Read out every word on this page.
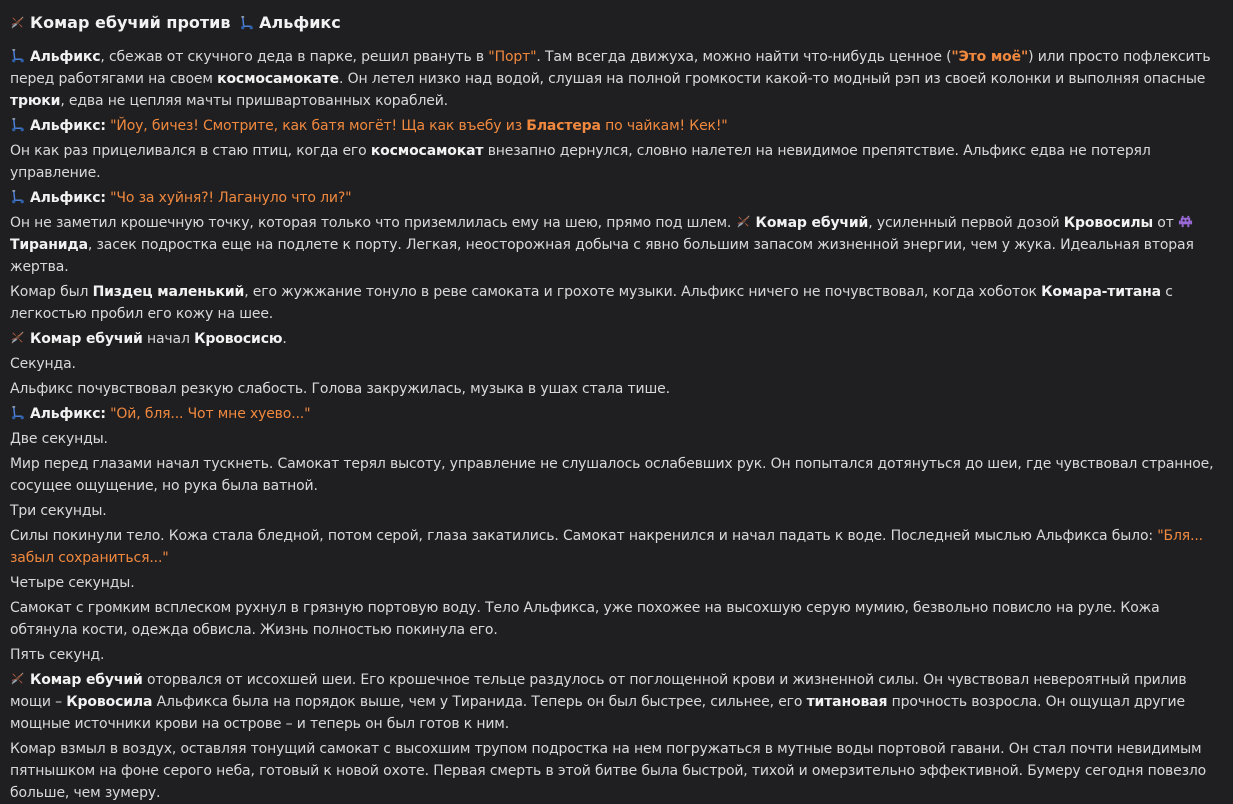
Комар ебучий против Альфикс
Альфикс, сбежав от скучного деда в парке, решил рвануть в "Порт". Там всегда движуха, можно найти что-нибудь ценное ("Это моё") или просто пофлексить перед работягами на своем космосамокате. Он летел низко над водой, слушая на полной громкости какой-то модный рэп из своей колонки и выполняя опасные трюки, едва не цепляя мачты пришвартованных кораблей.
Альфикс: "Йоу, бичез! Смотрите, как батя могёт! Ща как въебу из Бластера по чайкам! Кек!"
Он как раз прицеливался в стаю птиц, когда его космосамокат внезапно дернулся, словно налетел на невидимое препятствие. Альфикс едва не потерял управление.
Альфикс: "Чо за хуйня?! Лагануло что ли?"
Он не заметил крошечную точку, которая только что приземлилась ему на шею, прямо под шлем.
Комар ебучий, усиленный первой дозой Кровосилы от
Тиранида, засек подростка еще на подлете к порту. Легкая, неосторожная добыча с явно большим запасом жизненной энергии, чем у жука. Идеальная вторая жертва.
Комар был Пиздец маленький, его жужжание тонуло в реве самоката и грохоте музыки. Альфикс ничего не почувствовал, когда хоботок Комара-титана с легкостью пробил его кожу на шее.
Комар ебучий начал Кровосисю.
Секунда.
Альфикс почувствовал резкую слабость. Голова закружилась, музыка в ушах стала тише.
Альфикс: "Ой, бля... Чот мне хуево..."
Две секунды.
Мир перед глазами начал тускнеть. Самокат терял высоту, управление не слушалось ослабевших рук. Он попытался дотянуться до шеи, где чувствовал странное, сосущее ощущение, но рука была ватной.
Три секунды.
Силы покинули тело. Кожа стала бледной, потом серой, глаза закатились. Самокат накренился и начал падать к воде. Последней мыслью Альфикса было: "Бля... забыл сохраниться..."
Четыре секунды.
Самокат с громким всплеском рухнул в грязную портовую воду. Тело Альфикса, уже похожее на высохшую серую мумию, безвольно повисло на руле. Кожа обтянула кости, одежда обвисла. Жизнь полностью покинула его.
Пять секунд.
Комар ебучий оторвался от иссохшей шеи. Его крошечное тельце раздулось от поглощенной крови и жизненной силы. Он чувствовал невероятный прилив мощи – Кровосила Альфикса была на порядок выше, чем у Тиранида. Теперь он был быстрее, сильнее, его титановая прочность возросла. Он ощущал другие мощные источники крови на острове – и теперь он был готов к ним.
Комар взмыл в воздух, оставляя тонущий самокат с высохшим трупом подростка на нем погружаться в мутные воды портовой гавани. Он стал почти невидимым пятнышком на фоне серого неба, готовый к новой охоте. Первая смерть в этой битве была быстрой, тихой и омерзительно эффективной. Бумеру сегодня повезло больше, чем зумеру.
